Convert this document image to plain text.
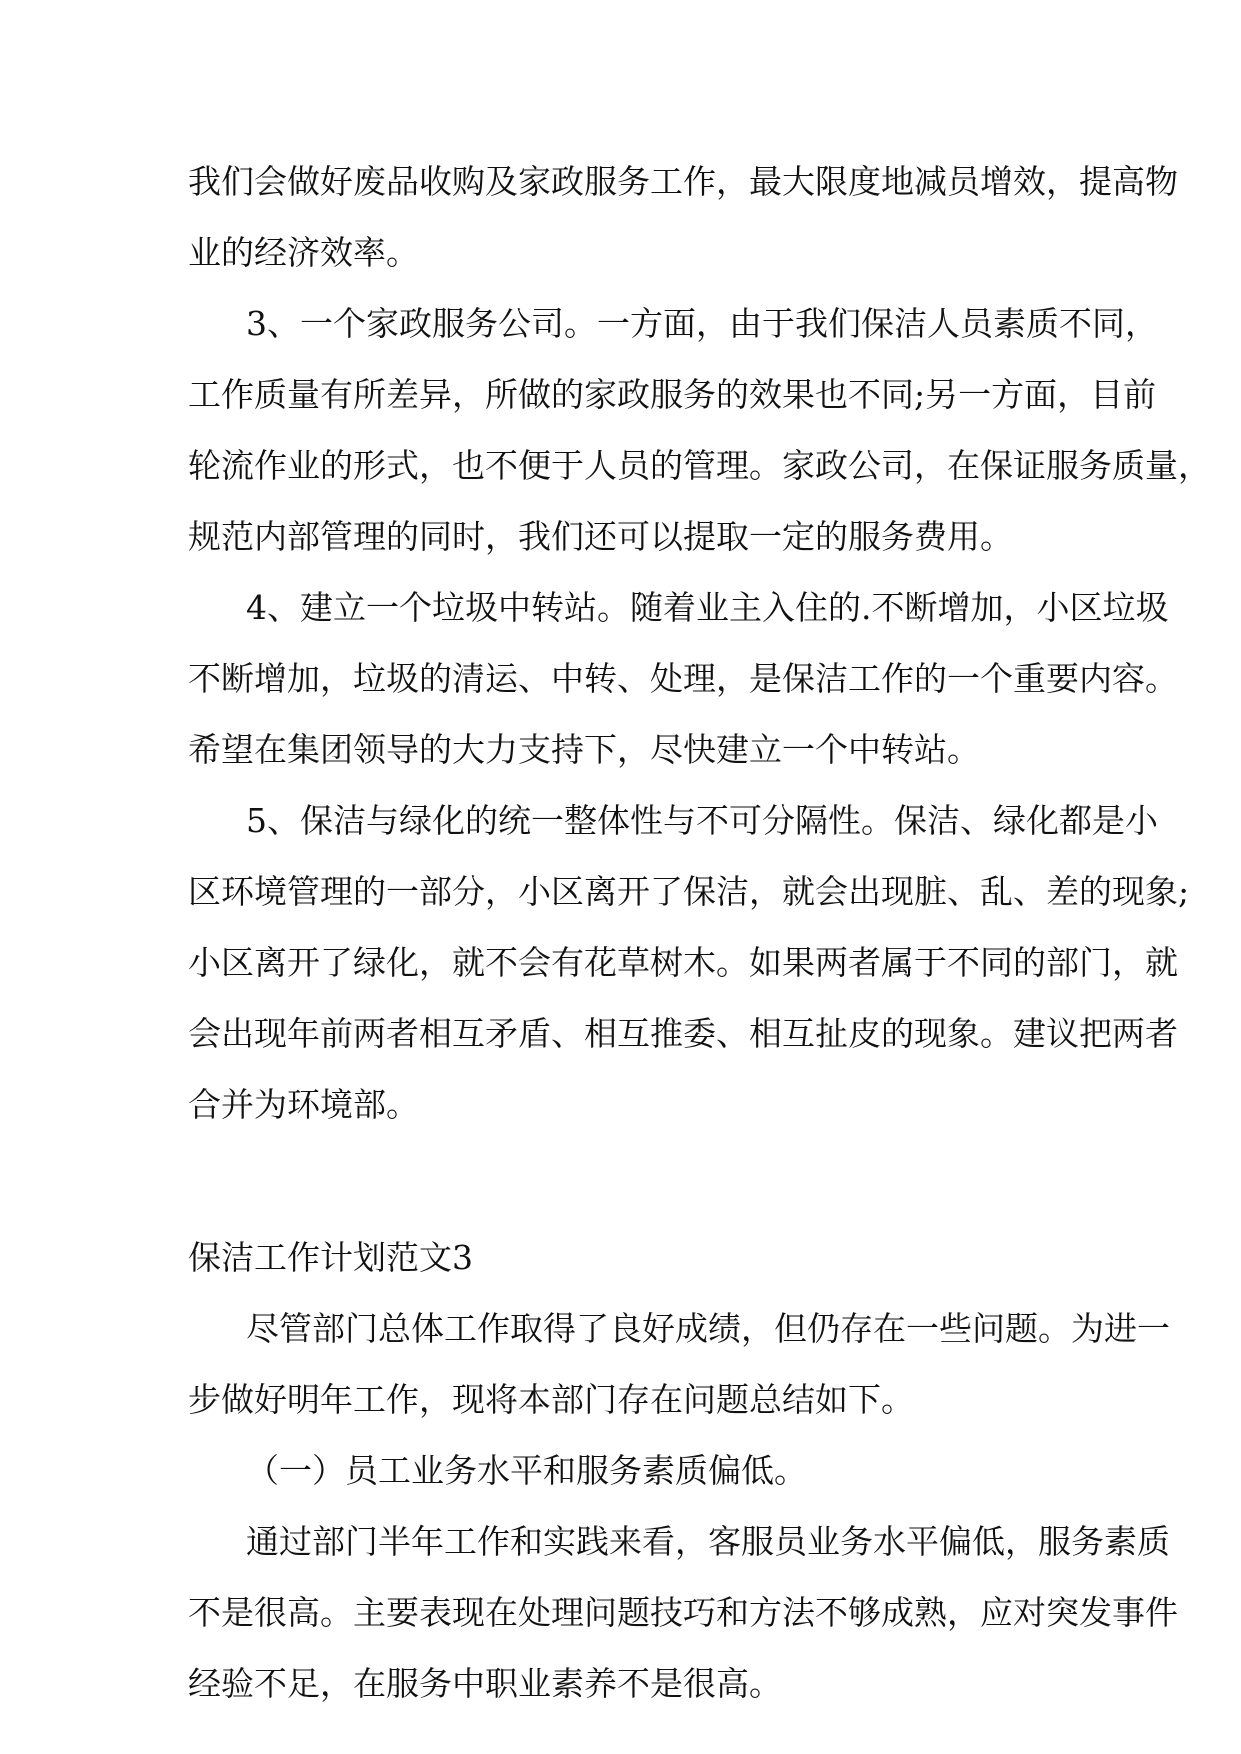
我们会做好废品收购及家政服务工作，最大限度地减员增效，提高物
业的经济效率。
3、一个家政服务公司。一方面，由于我们保洁人员素质不同，
工作质量有所差异，所做的家政服务的效果也不同;另一方面，目前
轮流作业的形式，也不便于人员的管理。家政公司，在保证服务质量，
规范内部管理的同时，我们还可以提取一定的服务费用。
4、建立一个垃圾中转站。随着业主入住的.不断增加，小区垃圾
不断增加，垃圾的清运、中转、处理，是保洁工作的一个重要内容。
希望在集团领导的大力支持下，尽快建立一个中转站。
5、保洁与绿化的统一整体性与不可分隔性。保洁、绿化都是小
区环境管理的一部分，小区离开了保洁，就会出现脏、乱、差的现象;
小区离开了绿化，就不会有花草树木。如果两者属于不同的部门，就
会出现年前两者相互矛盾、相互推委、相互扯皮的现象。建议把两者
合并为环境部。
保洁工作计划范文3
尽管部门总体工作取得了良好成绩，但仍存在一些问题。为进一
步做好明年工作，现将本部门存在问题总结如下。
（一）员工业务水平和服务素质偏低。
通过部门半年工作和实践来看，客服员业务水平偏低，服务素质
不是很高。主要表现在处理问题技巧和方法不够成熟，应对突发事件
经验不足，在服务中职业素养不是很高。
